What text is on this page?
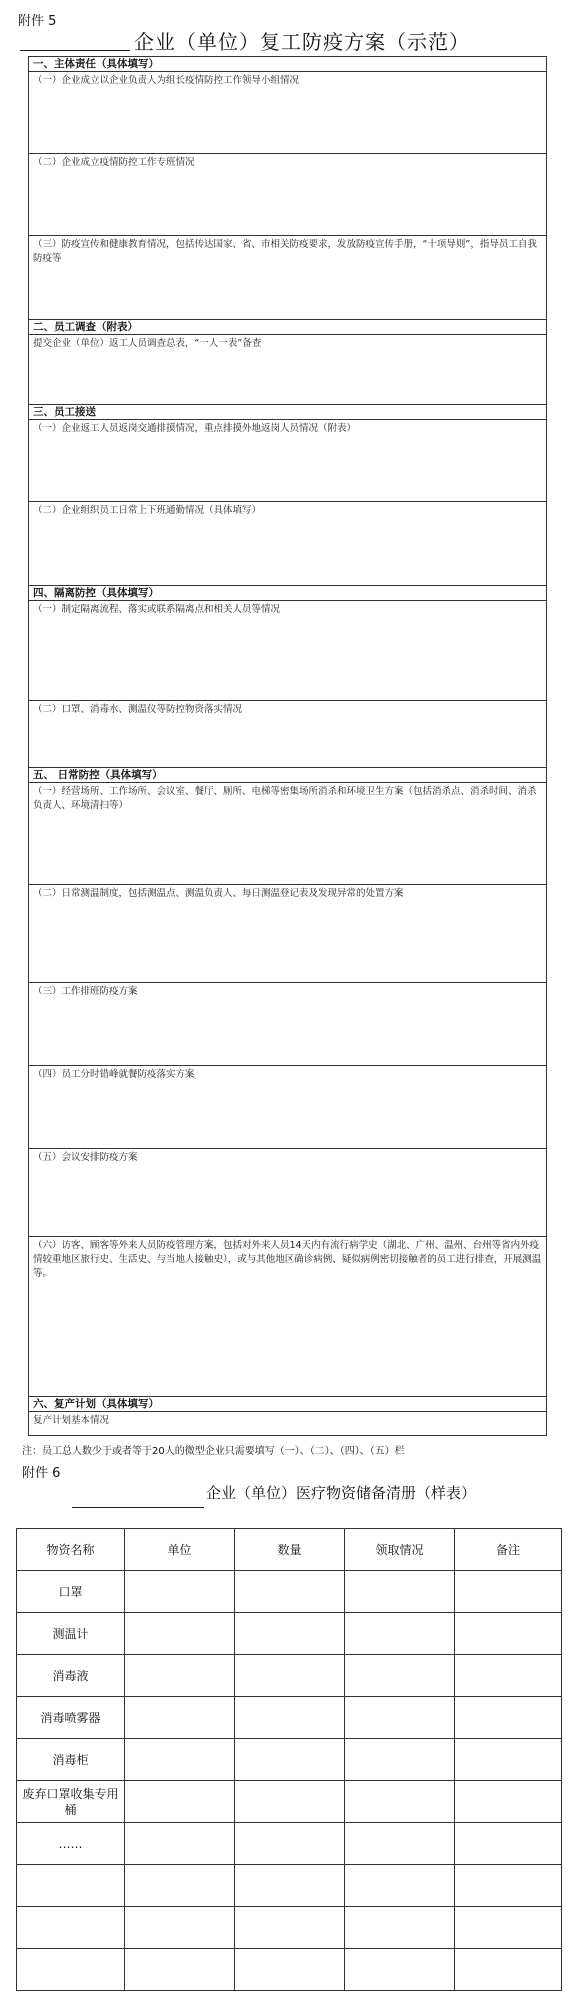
附件 5
企业（单位）复工防疫方案（示范）
一、主体责任（具体填写）
（一）企业成立以企业负责人为组长疫情防控工作领导小组情况
（二）企业成立疫情防控工作专班情况
（三）防疫宣传和健康教育情况，包括传达国家、省、市相关防疫要求，发放防疫宣传手册，“十项导则”，指导员工自我防疫等
二、员工调查（附表）
提交企业（单位）返工人员调查总表，“一人一表”备查
三、员工接送
（一）企业返工人员返岗交通排摸情况，重点排摸外地返岗人员情况（附表）
（二）企业组织员工日常上下班通勤情况（具体填写）
四、隔离防控（具体填写）
（一）制定隔离流程、落实或联系隔离点和相关人员等情况
（二）口罩、消毒水、测温仪等防控物资落实情况
五、 日常防控（具体填写）
（一）经营场所、工作场所、会议室、餐厅、厕所、电梯等密集场所消杀和环境卫生方案（包括消杀点、消杀时间、消杀负责人、环境清扫等）
（二）日常测温制度，包括测温点、测温负责人、每日测温登记表及发现异常的处置方案
（三）工作排班防疫方案
（四）员工分时错峰就餐防疫落实方案
（五）会议安排防疫方案
（六）访客、顾客等外来人员防疫管理方案，包括对外来人员14天内有流行病学史（湖北、广州、温州、台州等省内外疫情较重地区旅行史、生活史、与当地人接触史），或与其他地区确诊病例、疑似病例密切接触者的员工进行排查，开展测温等。
六、复产计划（具体填写）
复产计划基本情况
注：员工总人数少于或者等于20人的微型企业只需要填写（一）、（二）、（四）、（五）栏
附件 6
企业（单位）医疗物资储备清册（样表）
物资名称	单位	数量	领取情况	备注
口罩				
测温计				
消毒液				
消毒喷雾器				
消毒柜				
废弃口罩收集专用桶				
……				
